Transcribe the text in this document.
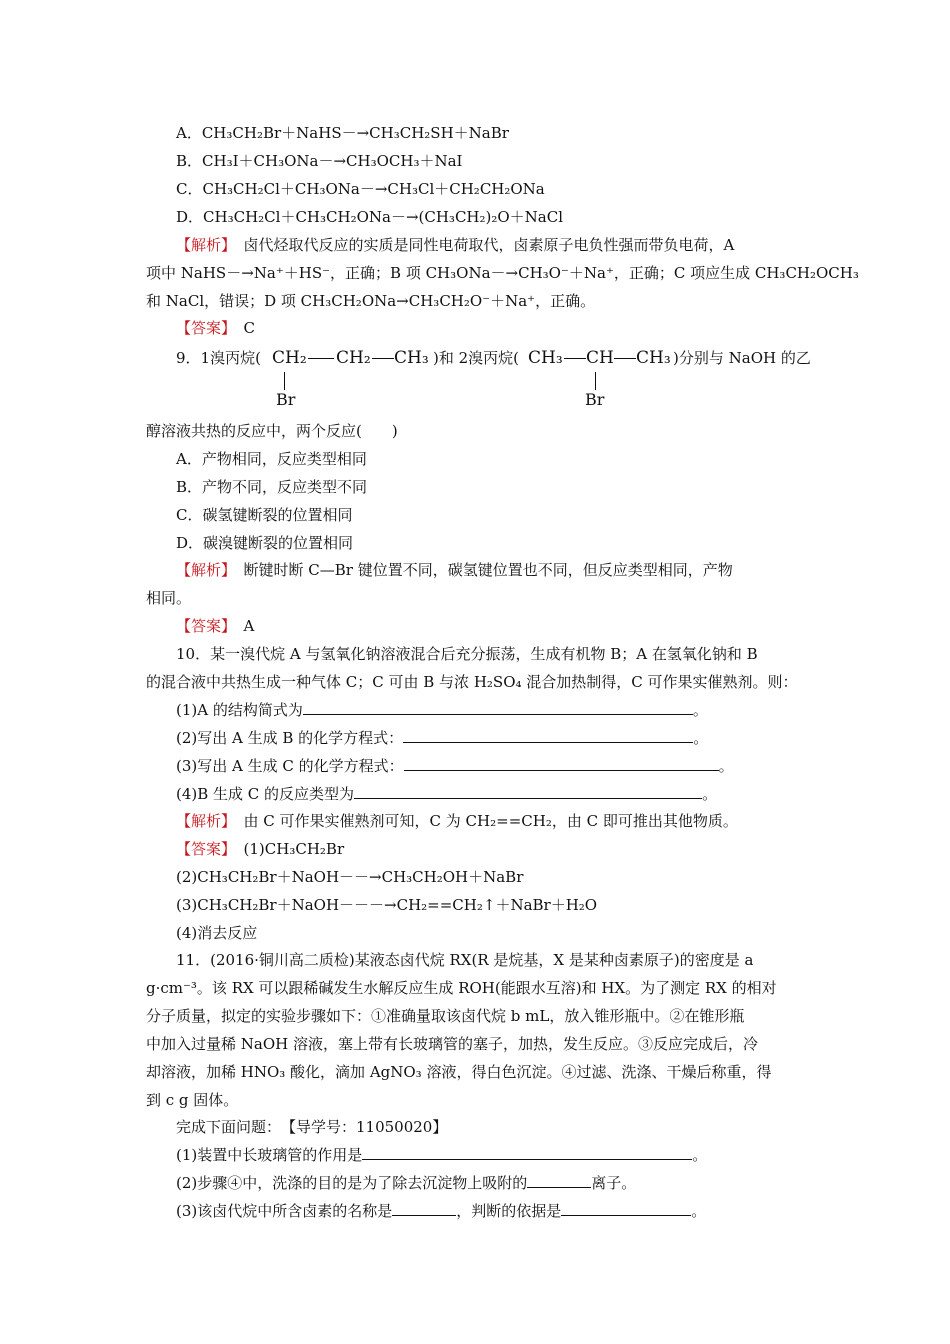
A．CH₃CH₂Br＋NaHS－→CH₃CH₂SH＋NaBr
B．CH₃I＋CH₃ONa－→CH₃OCH₃＋NaI
C．CH₃CH₂Cl＋CH₃ONa－→CH₃Cl＋CH₂CH₂ONa
D．CH₃CH₂Cl＋CH₃CH₂ONa－→(CH₃CH₂)₂O＋NaCl
【解析】　 卤代烃取代反应的实质是同性电荷取代，卤素原子电负性强而带负电荷，A
项中 NaHS－→Na⁺＋HS⁻，正确；B 项 CH₃ONa－→CH₃O⁻＋Na⁺，正确；C 项应生成 CH₃CH₂OCH₃
和 NaCl，错误；D 项 CH₃CH₂ONa→CH₃CH₂O⁻＋Na⁺，正确。
【答案】　 C
9．1溴丙烷( CH₂ CH₂ CH₃
Br
)和 2溴丙烷( CH₃ CH CH₃
Br
)分别与 NaOH 的乙
醇溶液共热的反应中，两个反应(　　)
A．产物相同，反应类型相同
B．产物不同，反应类型不同
C．碳氢键断裂的位置相同
D．碳溴键断裂的位置相同
【解析】　 断键时断 C—Br 键位置不同，碳氢键位置也不同，但反应类型相同，产物
相同。
【答案】　 A
10．某一溴代烷 A 与氢氧化钠溶液混合后充分振荡，生成有机物 B；A 在氢氧化钠和 B
的混合液中共热生成一种气体 C；C 可由 B 与浓 H₂SO₄ 混合加热制得，C 可作果实催熟剂。则：
(1)A 的结构简式为	。
(2)写出 A 生成 B 的化学方程式：	。
(3)写出 A 生成 C 的化学方程式：	。
(4)B 生成 C 的反应类型为	。
【解析】　 由 C 可作果实催熟剂可知，C 为 CH₂==CH₂，由 C 即可推出其他物质。
【答案】　 (1)CH₃CH₂Br
(2)CH₃CH₂Br＋NaOH－－→CH₃CH₂OH＋NaBr
(3)CH₃CH₂Br＋NaOH－－－→CH₂==CH₂↑＋NaBr＋H₂O
(4)消去反应
11．(2016·铜川高二质检)某液态卤代烷 RX(R 是烷基，X 是某种卤素原子)的密度是 a
g·cm⁻³。该 RX 可以跟稀碱发生水解反应生成 ROH(能跟水互溶)和 HX。为了测定 RX 的相对
分子质量，拟定的实验步骤如下：①准确量取该卤代烷 b mL，放入锥形瓶中。②在锥形瓶
中加入过量稀 NaOH 溶液，塞上带有长玻璃管的塞子，加热，发生反应。③反应完成后，冷
却溶液，加稀 HNO₃ 酸化，滴加 AgNO₃ 溶液，得白色沉淀。④过滤、洗涤、干燥后称重，得
到 c g 固体。
完成下面问题：　【导学号：11050020】
(1)装置中长玻璃管的作用是	。
(2)步骤④中，洗涤的目的是为了除去沉淀物上吸附的	离子。
(3)该卤代烷中所含卤素的名称是	，判断的依据是	。
